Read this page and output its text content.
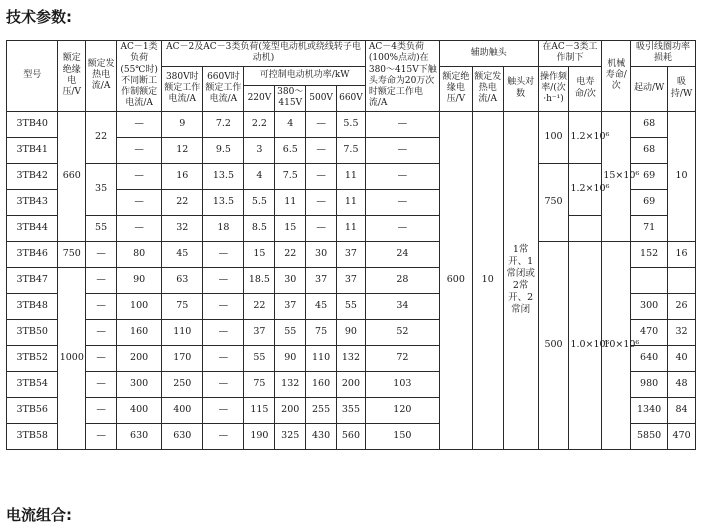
技术参数:
型号	额定绝缘电压/V	额定发热电流/A	AC－1类负荷(55℃时)不同断工作制额定电流/A	AC－2及AC－3类负荷(笼型电动机或绕线转子电动机)						AC－4类负荷(100%点动)在380～415V下触头寿命为20万次时额定工作电流/A	辅助触头			在AC－3类工作制下		机械寿命/次	吸引线圈功率损耗	
				380V时额定工作电流/A	660V时额定工作电流/A	可控制电动机功率/kW					额定绝缘电压/V	额定发热电流/A	触头对数	操作频率/(次·h⁻¹)	电寿命/次		起动/W	吸持/W
						220V	380～415V	500V	660V									
3TB40	660	22	—	9	7.2	2.2	4	—	5.5	—	600	10	1常开、1常闭或2常开、2常闭	100	1.2×10⁶	15×10⁶	68	10
3TB41			—	12	9.5	3	6.5	—	7.5	—							68	
3TB42		35	—	16	13.5	4	7.5	—	11	—				750	1.2×10⁶		69	
3TB43			—	22	13.5	5.5	11	—	11	—							69	
3TB44		55	—	32	18	8.5	15	—	11	—							71	
3TB46	750	—	80	45	—	15	22	30	37	24				500	1.0×10⁶	10×10⁶	152	16
3TB47	1000	—	90	63	—	18.5	30	37	37	28								
3TB48		—	100	75	—	22	37	45	55	34							300	26
3TB50		—	160	110	—	37	55	75	90	52							470	32
3TB52		—	200	170	—	55	90	110	132	72							640	40
3TB54		—	300	250	—	75	132	160	200	103							980	48
3TB56		—	400	400	—	115	200	255	355	120							1340	84
3TB58		—	630	630	—	190	325	430	560	150							5850	470
电流组合:
